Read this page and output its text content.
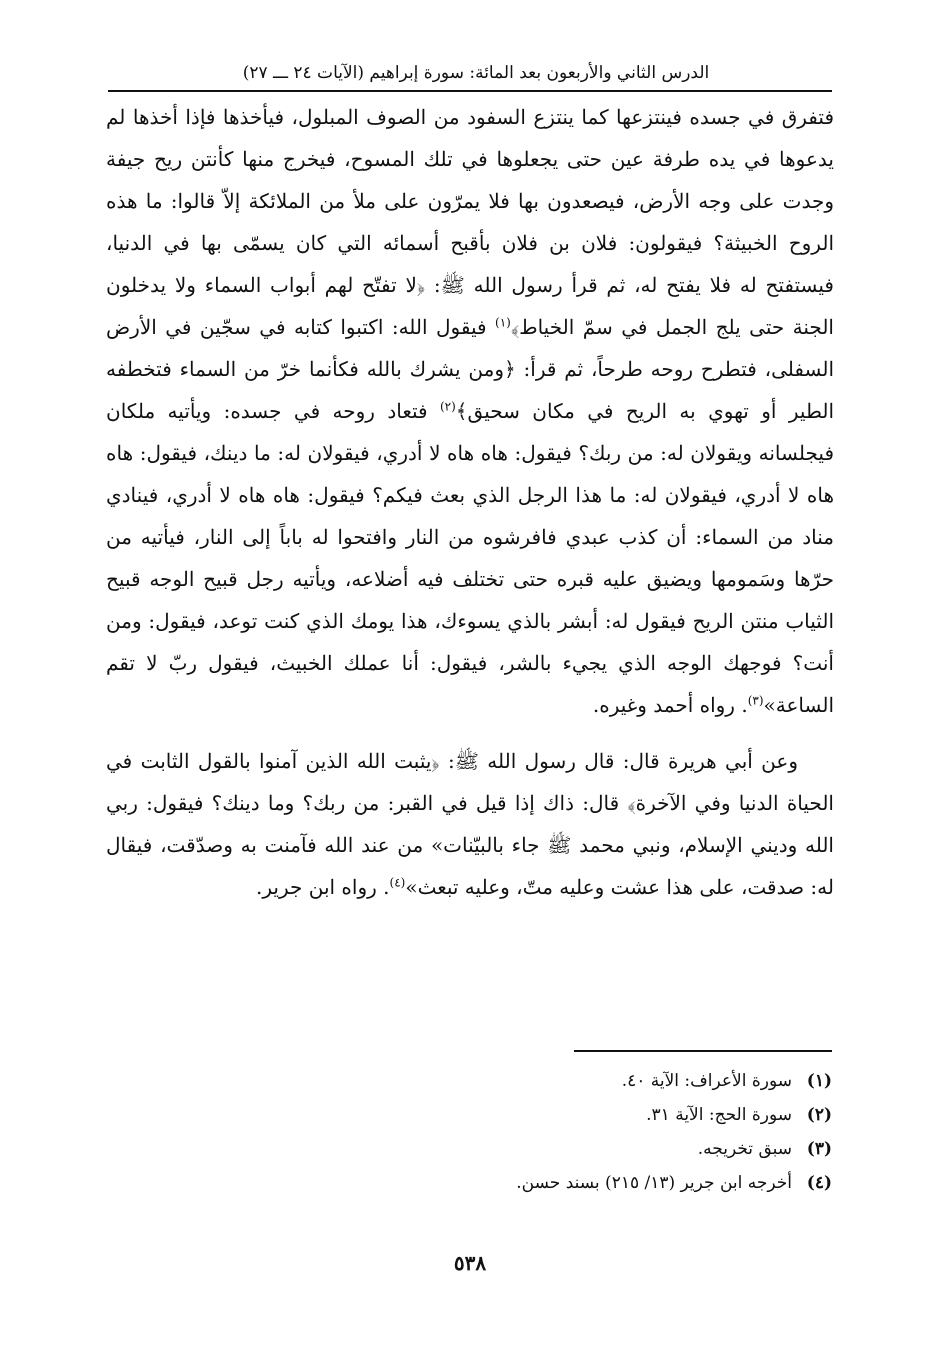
الدرس الثاني والأربعون بعد المائة: سورة إبراهيم (الآيات ٢٤ ـــ ٢٧)

فتفرق في جسده فينتزعها كما ينتزع السفود من الصوف المبلول، فيأخذها فإذا أخذها لم يدعوها في يده طرفة عين حتى يجعلوها في تلك المسوح، فيخرج منها كأنتن ريح جيفة وجدت على وجه الأرض، فيصعدون بها فلا يمرّون على ملأ من الملائكة إلاّ قالوا: ما هذه الروح الخبيثة؟ فيقولون: فلان بن فلان بأقبح أسمائه التي كان يسمّى بها في الدنيا، فيستفتح له فلا يفتح له، ثم قرأ رسول الله ﷺ: ﴿لا تفتّح لهم أبواب السماء ولا يدخلون الجنة حتى يلج الجمل في سمّ الخياط﴾$^{(١)}$ فيقول الله: اكتبوا كتابه في سجّين في الأرض السفلى، فتطرح روحه طرحاً، ثم قرأ: ﴿ومن يشرك بالله فكأنما خرّ من السماء فتخطفه الطير أو تهوي به الريح في مكان سحيق﴾$^{(٢)}$ فتعاد روحه في جسده: ويأتيه ملكان فيجلسانه ويقولان له: من ربك؟ فيقول: هاه هاه لا أدري، فيقولان له: ما دينك، فيقول: هاه هاه لا أدري، فيقولان له: ما هذا الرجل الذي بعث فيكم؟ فيقول: هاه هاه لا أدري، فينادي مناد من السماء: أن كذب عبدي فافرشوه من النار وافتحوا له باباً إلى النار، فيأتيه من حرّها وسَمومها ويضيق عليه قبره حتى تختلف فيه أضلاعه، ويأتيه رجل قبيح الوجه قبيح الثياب منتن الريح فيقول له: أبشر بالذي يسوءك، هذا يومك الذي كنت توعد، فيقول: ومن أنت؟ فوجهك الوجه الذي يجيء بالشر، فيقول: أنا عملك الخبيث، فيقول ربّ لا تقم الساعة»$^{(٣)}$. رواه أحمد وغيره.

وعن أبي هريرة قال: قال رسول الله ﷺ: ﴿يثبت الله الذين آمنوا بالقول الثابت في الحياة الدنيا وفي الآخرة﴾ قال: ذاك إذا قيل في القبر: من ربك؟ وما دينك؟ فيقول: ربي الله وديني الإسلام، ونبي محمد ﷺ جاء بالبيّنات» من عند الله فآمنت به وصدّقت، فيقال له: صدقت، على هذا عشت وعليه متّ، وعليه تبعث»$^{(٤)}$. رواه ابن جرير.

(١)
سورة الأعراف: الآية ٤٠.
(٢)
سورة الحج: الآية ٣١.
(٣)
سبق تخريجه.
(٤)
أخرجه ابن جرير (١٣/ ٢١٥) بسند حسن.
٥٣٨
